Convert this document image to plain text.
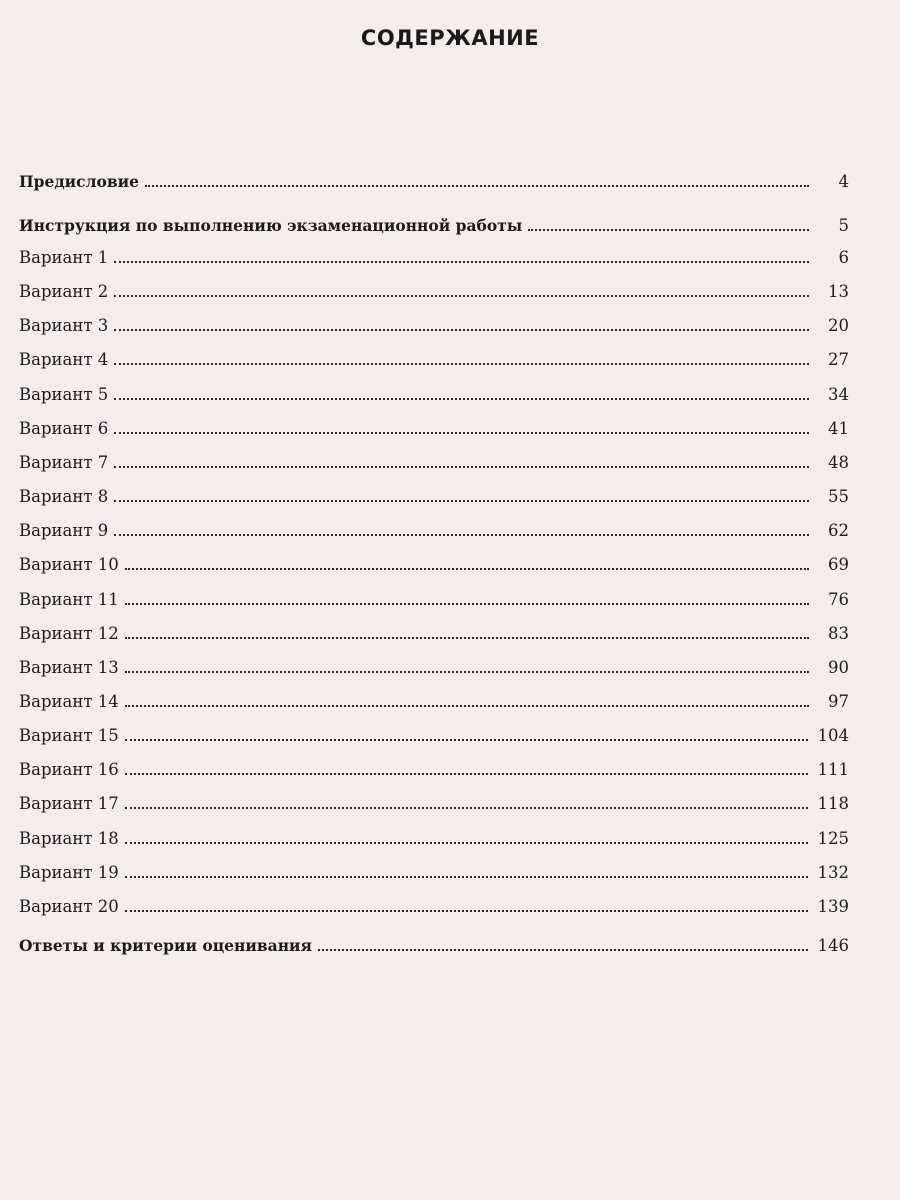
СОДЕРЖАНИЕ
Предисловие	4
Инструкция по выполнению экзаменационной работы	5
Вариант 1	6
Вариант 2	13
Вариант 3	20
Вариант 4	27
Вариант 5	34
Вариант 6	41
Вариант 7	48
Вариант 8	55
Вариант 9	62
Вариант 10	69
Вариант 11	76
Вариант 12	83
Вариант 13	90
Вариант 14	97
Вариант 15	104
Вариант 16	111
Вариант 17	118
Вариант 18	125
Вариант 19	132
Вариант 20	139
Ответы и критерии оценивания	146
